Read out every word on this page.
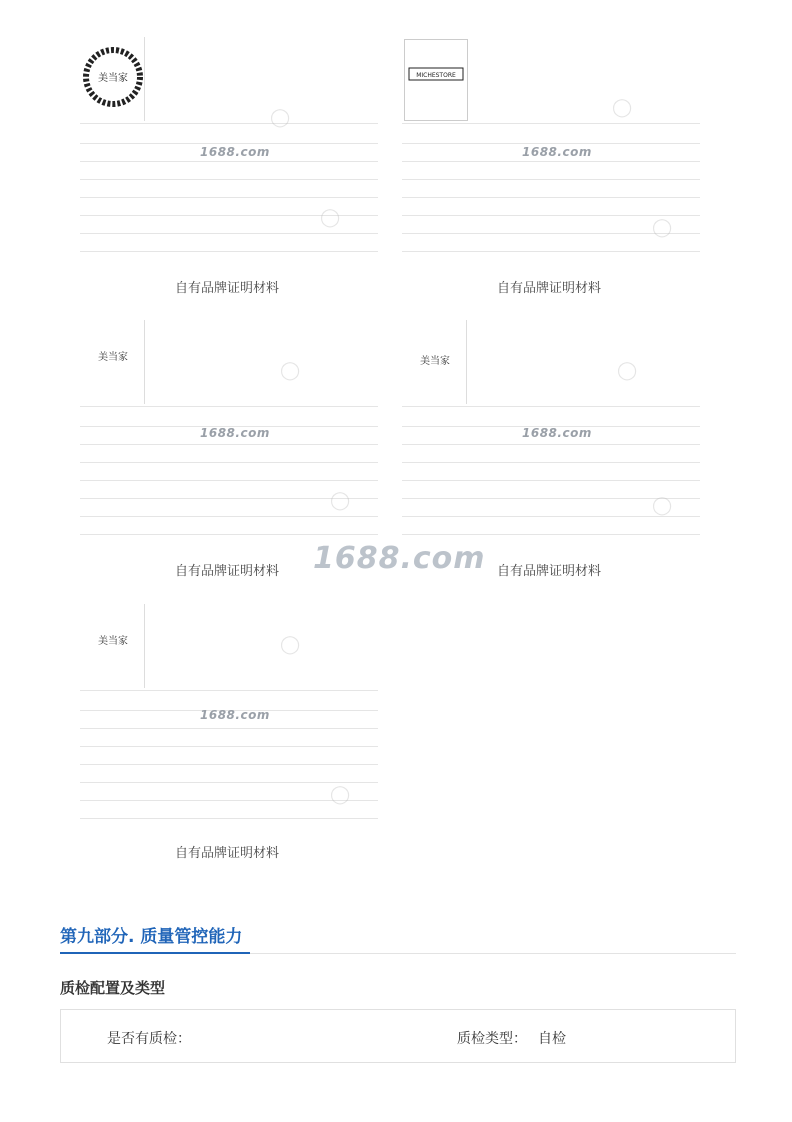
美当家
1688.com
◯
◯
自有品牌证明材料
MICHESTORE
1688.com
◯
◯
自有品牌证明材料
美当家
1688.com
◯
◯
自有品牌证明材料
美当家
1688.com
◯
◯
自有品牌证明材料
1688.com
美当家
1688.com
◯
◯
自有品牌证明材料
第九部分. 质量管控能力
质检配置及类型
是否有质检：	质检类型： 自检
